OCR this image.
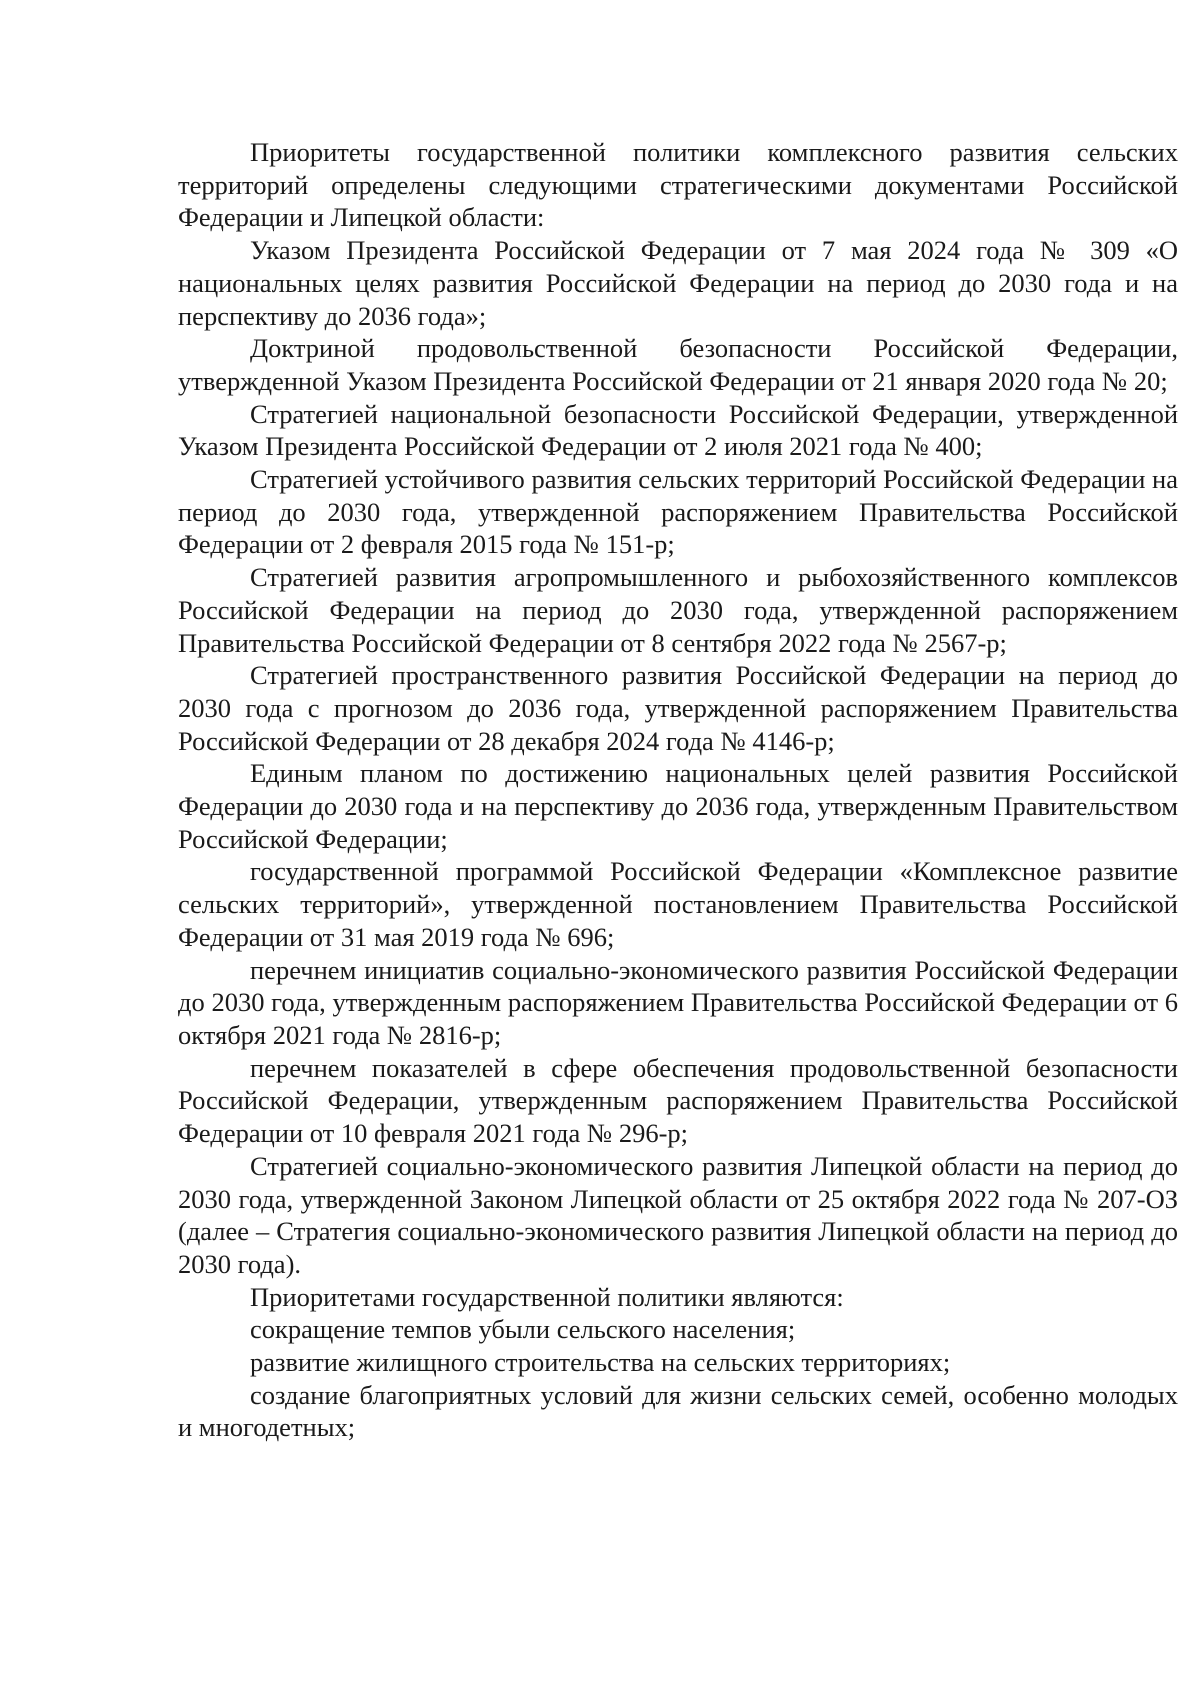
Приоритеты государственной политики комплексного развития сельских территорий определены следующими стратегическими документами Российской Федерации и Липецкой области:

Указом Президента Российской Федерации от 7 мая 2024 года № 309 «О национальных целях развития Российской Федерации на период до 2030 года и на перспективу до 2036 года»;

Доктриной продовольственной безопасности Российской Федерации, утвержденной Указом Президента Российской Федерации от 21 января 2020 года № 20;

Стратегией национальной безопасности Российской Федерации, утвержденной Указом Президента Российской Федерации от 2 июля 2021 года № 400;

Стратегией устойчивого развития сельских территорий Российской Федерации на период до 2030 года, утвержденной распоряжением Правительства Российской Федерации от 2 февраля 2015 года № 151-р;

Стратегией развития агропромышленного и рыбохозяйственного комплексов Российской Федерации на период до 2030 года, утвержденной распоряжением Правительства Российской Федерации от 8 сентября 2022 года № 2567-р;

Стратегией пространственного развития Российской Федерации на период до 2030 года с прогнозом до 2036 года, утвержденной распоряжением Правительства Российской Федерации от 28 декабря 2024 года № 4146-р;

Единым планом по достижению национальных целей развития Российской Федерации до 2030 года и на перспективу до 2036 года, утвержденным Правительством Российской Федерации;

государственной программой Российской Федерации «Комплексное развитие сельских территорий», утвержденной постановлением Правительства Российской Федерации от 31 мая 2019 года № 696;

перечнем инициатив социально-экономического развития Российской Федерации до 2030 года, утвержденным распоряжением Правительства Российской Федерации от 6 октября 2021 года № 2816-р;

перечнем показателей в сфере обеспечения продовольственной безопасности Российской Федерации, утвержденным распоряжением Правительства Российской Федерации от 10 февраля 2021 года № 296-р;

Стратегией социально-экономического развития Липецкой области на период до 2030 года, утвержденной Законом Липецкой области от 25 октября 2022 года № 207-ОЗ (далее – Стратегия социально-экономического развития Липецкой области на период до 2030 года).

Приоритетами государственной политики являются:

сокращение темпов убыли сельского населения;

развитие жилищного строительства на сельских территориях;

создание благоприятных условий для жизни сельских семей, особенно молодых и многодетных;
